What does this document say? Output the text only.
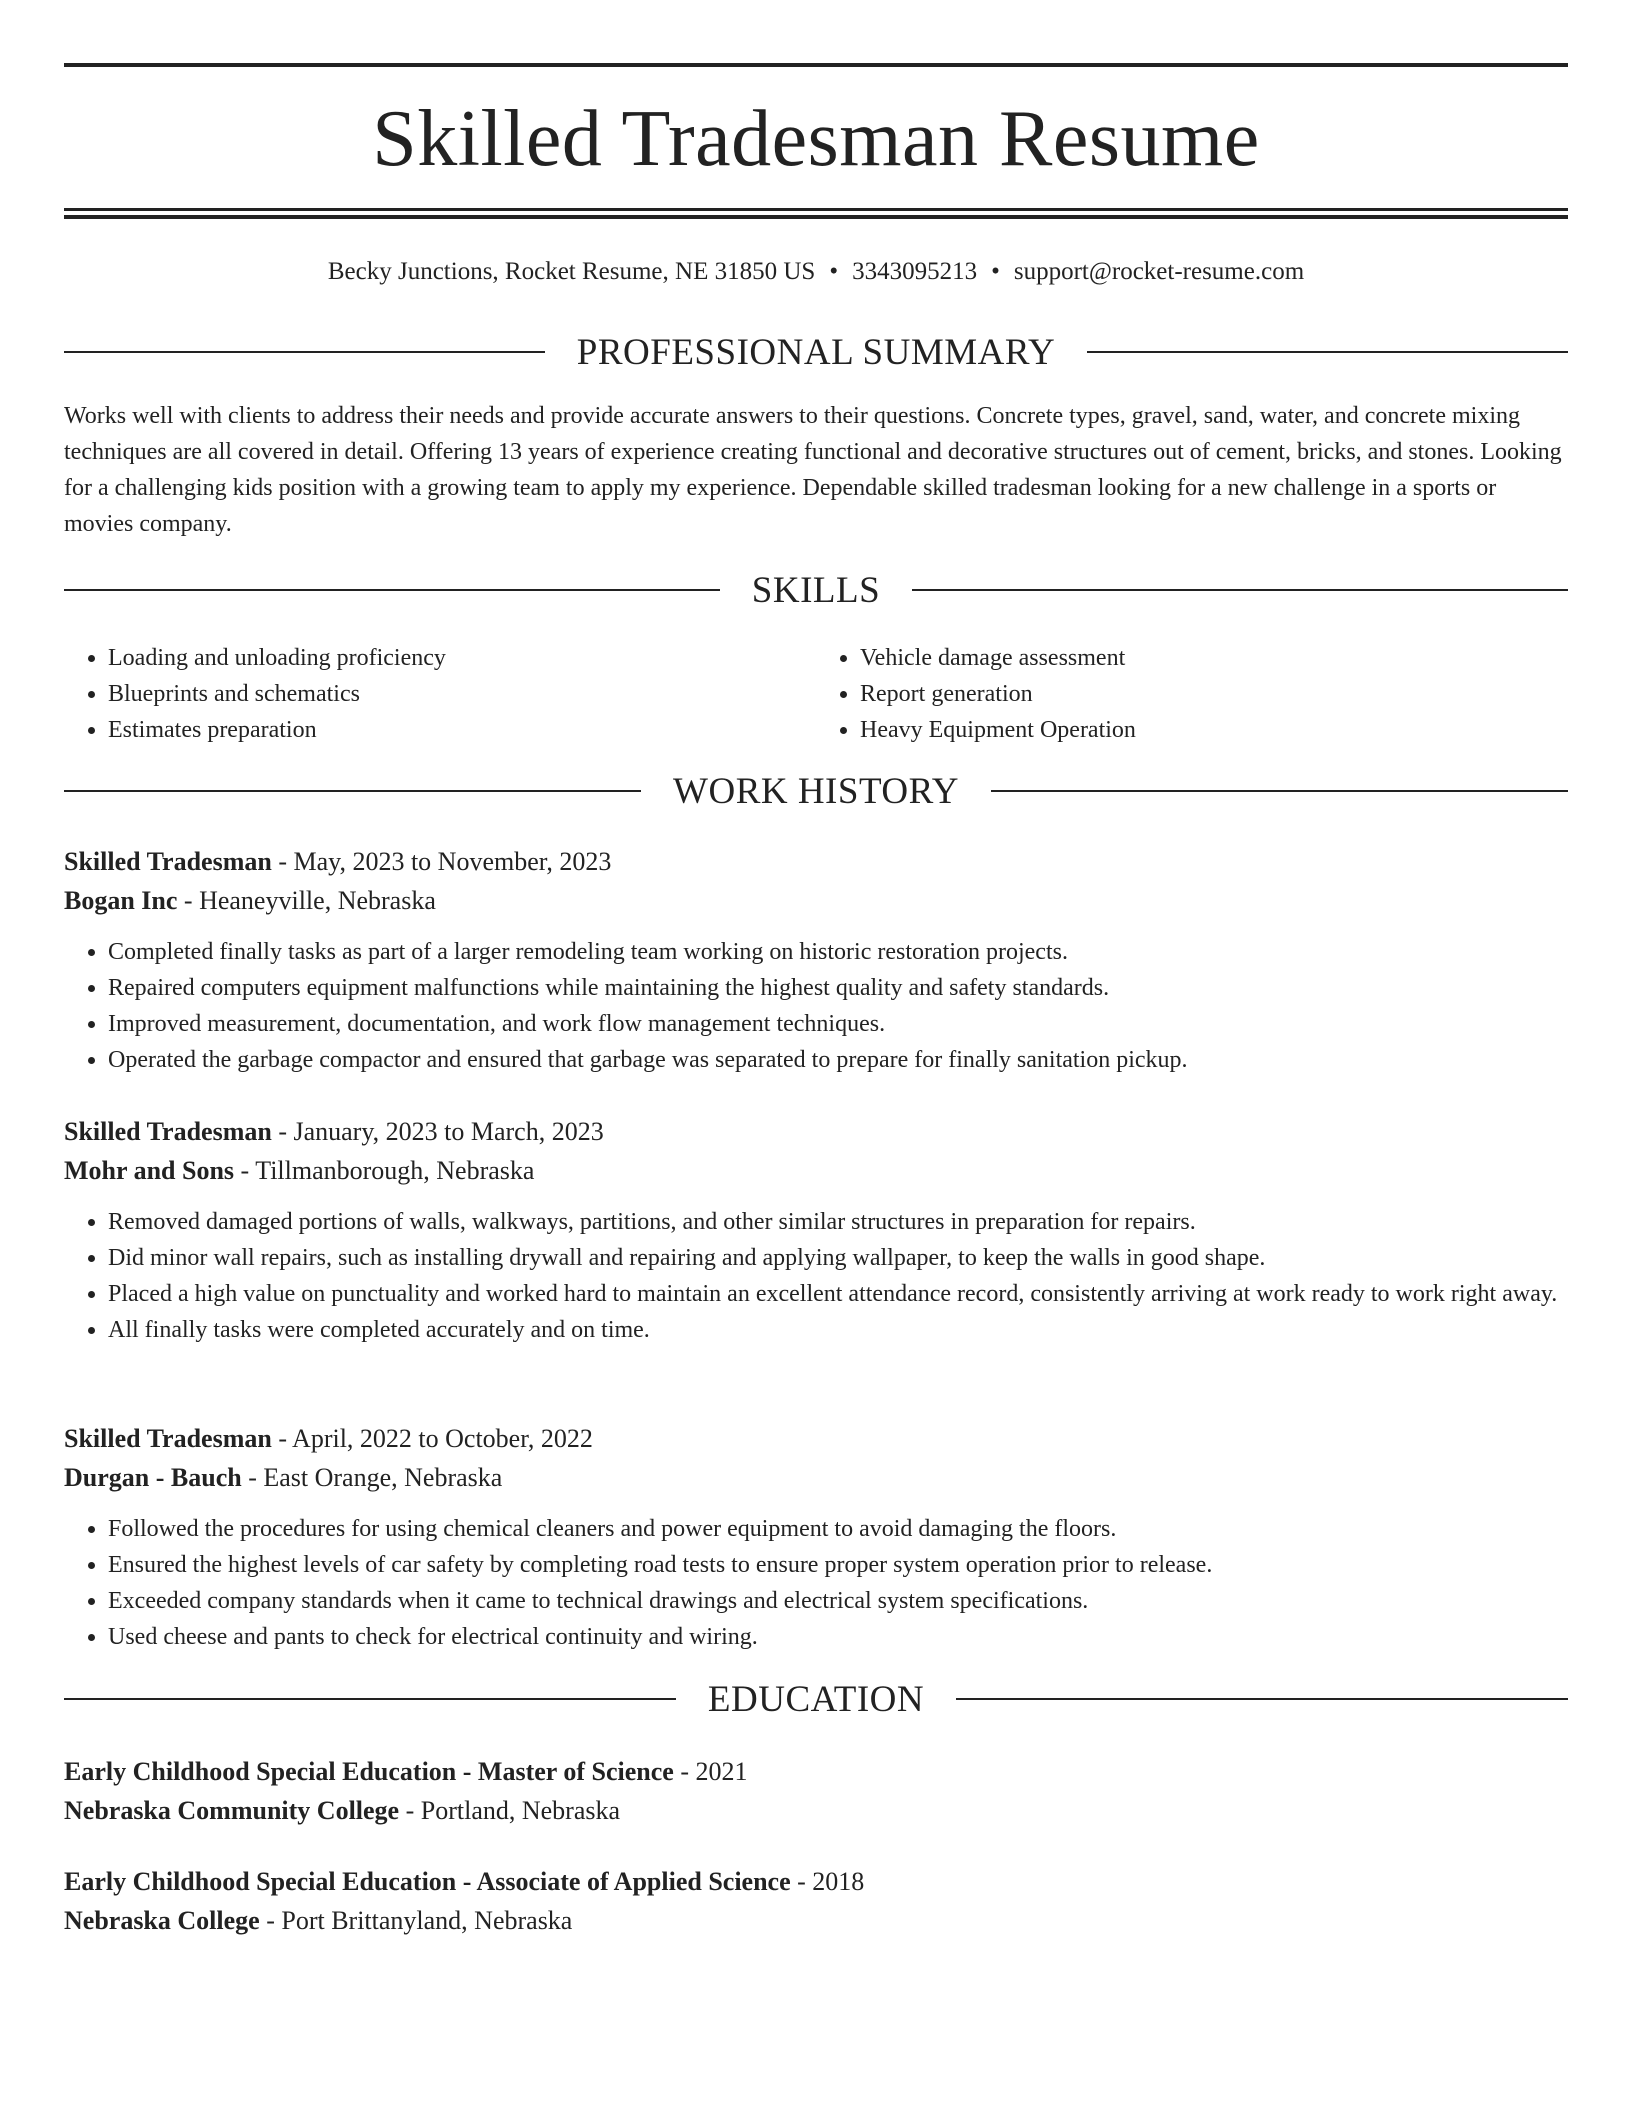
Skilled Tradesman Resume
Becky Junctions, Rocket Resume, NE 31850 US • 3343095213 • support@rocket-resume.com
PROFESSIONAL SUMMARY

Works well with clients to address their needs and provide accurate answers to their questions. Concrete types, gravel, sand, water, and concrete mixing techniques are all covered in detail. Offering 13 years of experience creating functional and decorative structures out of cement, bricks, and stones. Looking for a challenging kids position with a growing team to apply my experience. Dependable skilled tradesman looking for a new challenge in a sports or movies company.

SKILLS
• Loading and unloading proficiency
• Blueprints and schematics
• Estimates preparation
• Vehicle damage assessment
• Report generation
• Heavy Equipment Operation
WORK HISTORY

Skilled Tradesman - May, 2023 to November, 2023

Bogan Inc - Heaneyville, Nebraska

• Completed finally tasks as part of a larger remodeling team working on historic restoration projects.
• Repaired computers equipment malfunctions while maintaining the highest quality and safety standards.
• Improved measurement, documentation, and work flow management techniques.
• Operated the garbage compactor and ensured that garbage was separated to prepare for finally sanitation pickup.

Skilled Tradesman - January, 2023 to March, 2023

Mohr and Sons - Tillmanborough, Nebraska

• Removed damaged portions of walls, walkways, partitions, and other similar structures in preparation for repairs.
• Did minor wall repairs, such as installing drywall and repairing and applying wallpaper, to keep the walls in good shape.
• Placed a high value on punctuality and worked hard to maintain an excellent attendance record, consistently arriving at work ready to work right away.
• All finally tasks were completed accurately and on time.

Skilled Tradesman - April, 2022 to October, 2022

Durgan - Bauch - East Orange, Nebraska

• Followed the procedures for using chemical cleaners and power equipment to avoid damaging the floors.
• Ensured the highest levels of car safety by completing road tests to ensure proper system operation prior to release.
• Exceeded company standards when it came to technical drawings and electrical system specifications.
• Used cheese and pants to check for electrical continuity and wiring.
EDUCATION

Early Childhood Special Education - Master of Science - 2021

Nebraska Community College - Portland, Nebraska

Early Childhood Special Education - Associate of Applied Science - 2018

Nebraska College - Port Brittanyland, Nebraska
